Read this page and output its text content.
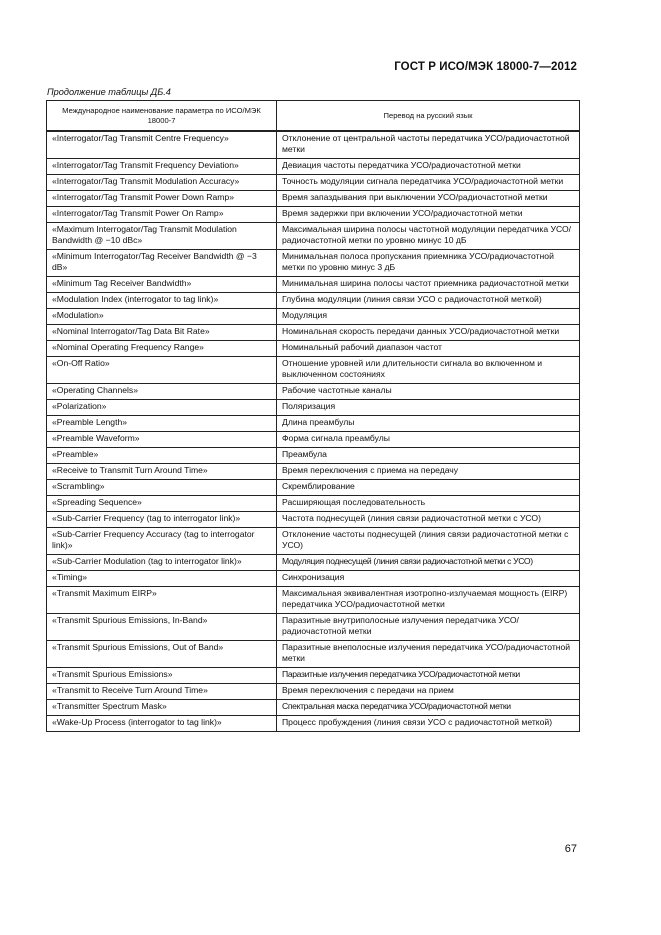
ГОСТ Р ИСО/МЭК 18000-7—2012
Продолжение таблицы ДБ.4
Международное наименование параметра по ИСО/МЭК 18000-7	Перевод на русский язык
«Interrogator/Tag Transmit Centre Frequency»	Отклонение от центральной частоты передатчика УСО/радиочастотной метки
«Interrogator/Tag Transmit Frequency Deviation»	Девиация частоты передатчика УСО/радиочастотной метки
«Interrogator/Tag Transmit Modulation Accuracy»	Точность модуляции сигнала передатчика УСО/радиочастотной метки
«Interrogator/Tag Transmit Power Down Ramp»	Время запаздывания при выключении УСО/радиочастотной метки
«Interrogator/Tag Transmit Power On Ramp»	Время задержки при включении УСО/радиочастотной метки
«Maximum Interrogator/Tag Transmit Modulation Bandwidth @ −10 dBc»	Максимальная ширина полосы частотной модуляции передатчика УСО/радиочастотной метки по уровню минус 10 дБ
«Minimum Interrogator/Tag Receiver Bandwidth @ −3 dB»	Минимальная полоса пропускания приемника УСО/радиочастотной метки по уровню минус 3 дБ
«Minimum Tag Receiver Bandwidth»	Минимальная ширина полосы частот приемника радиочастотной метки
«Modulation Index (interrogator to tag link)»	Глубина модуляции (линия связи УСО с радиочастотной меткой)
«Modulation»	Модуляция
«Nominal Interrogator/Tag Data Bit Rate»	Номинальная скорость передачи данных УСО/радиочастотной метки
«Nominal Operating Frequency Range»	Номинальный рабочий диапазон частот
«On-Off Ratio»	Отношение уровней или длительности сигнала во включенном и выключенном состояниях
«Operating Channels»	Рабочие частотные каналы
«Polarization»	Поляризация
«Preamble Length»	Длина преамбулы
«Preamble Waveform»	Форма сигнала преамбулы
«Preamble»	Преамбула
«Receive to Transmit Turn Around Time»	Время переключения с приема на передачу
«Scrambling»	Скремблирование
«Spreading Sequence»	Расширяющая последовательность
«Sub-Carrier Frequency (tag to interrogator link)»	Частота поднесущей (линия связи радиочастотной метки с УСО)
«Sub-Carrier Frequency Accuracy (tag to interrogator link)»	Отклонение частоты поднесущей (линия связи радиочастотной метки с УСО)
«Sub-Carrier Modulation (tag to interrogator link)»	Модуляция поднесущей (линия связи радиочастотной метки с УСО)
«Timing»	Синхронизация
«Transmit Maximum EIRP»	Максимальная эквивалентная изотропно-излучаемая мощность (EIRP) передатчика УСО/радиочастотной метки
«Transmit Spurious Emissions, In-Band»	Паразитные внутриполосные излучения передатчика УСО/радиочастотной метки
«Transmit Spurious Emissions, Out of Band»	Паразитные внеполосные излучения передатчика УСО/радиочастотной метки
«Transmit Spurious Emissions»	Паразитные излучения передатчика УСО/радиочастотной метки
«Transmit to Receive Turn Around Time»	Время переключения с передачи на прием
«Transmitter Spectrum Mask»	Спектральная маска передатчика УСО/радиочастотной метки
«Wake-Up Process (interrogator to tag link)»	Процесс пробуждения (линия связи УСО с радиочастотной меткой)
67
